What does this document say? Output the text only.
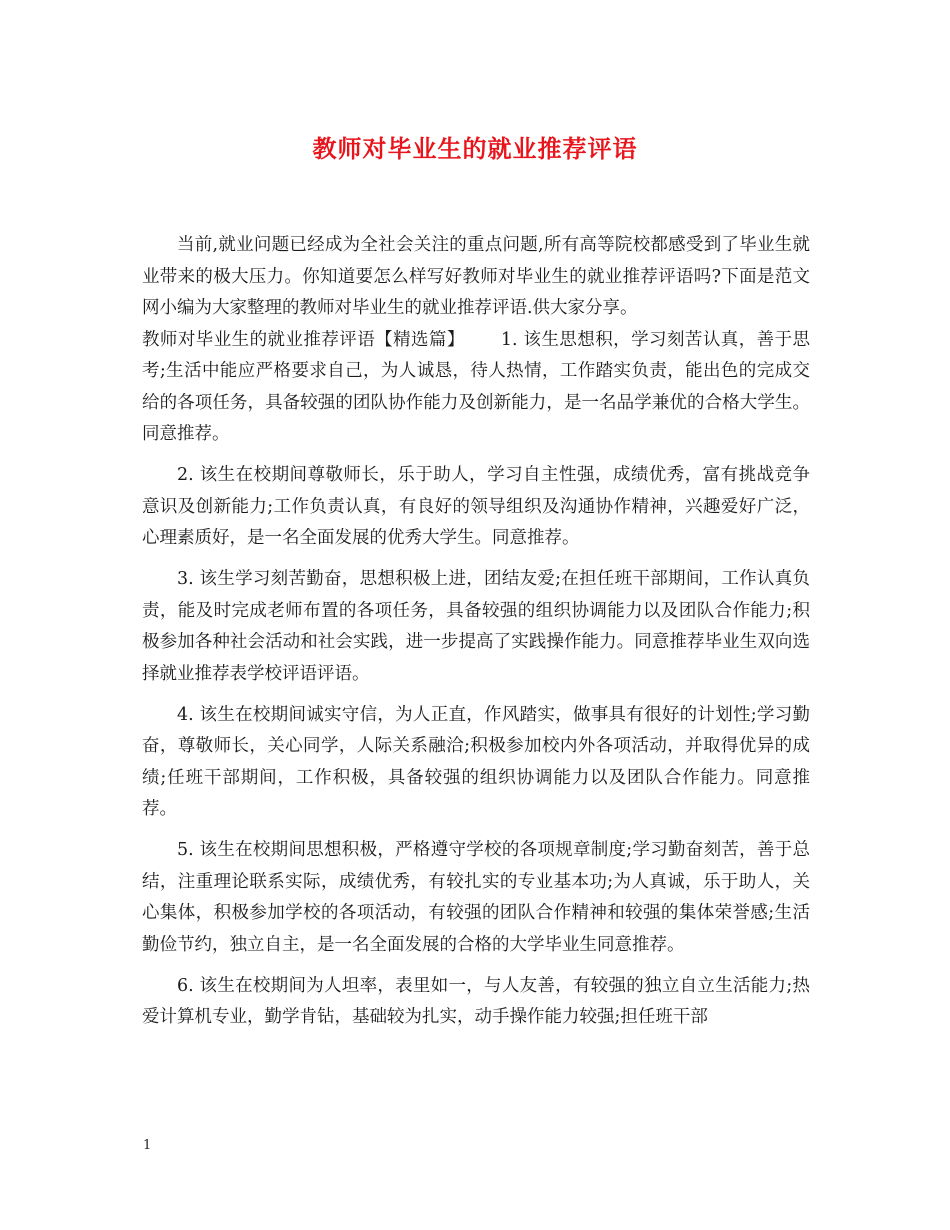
教师对毕业生的就业推荐评语

当前,就业问题已经成为全社会关注的重点问题,所有高等院校都感受到了毕业生就业带来的极大压力。你知道要怎么样写好教师对毕业生的就业推荐评语吗?下面是范文网小编为大家整理的教师对毕业生的就业推荐评语.供大家分享。

教师对毕业生的就业推荐评语【精选篇】 1. 该生思想积，学习刻苦认真，善于思考;生活中能应严格要求自己，为人诚恳，待人热情，工作踏实负责，能出色的完成交给的各项任务，具备较强的团队协作能力及创新能力，是一名品学兼优的合格大学生。同意推荐。

2. 该生在校期间尊敬师长，乐于助人，学习自主性强，成绩优秀，富有挑战竞争意识及创新能力;工作负责认真，有良好的领导组织及沟通协作精神，兴趣爱好广泛，心理素质好，是一名全面发展的优秀大学生。同意推荐。

3. 该生学习刻苦勤奋，思想积极上进，团结友爱;在担任班干部期间，工作认真负责，能及时完成老师布置的各项任务，具备较强的组织协调能力以及团队合作能力;积极参加各种社会活动和社会实践，进一步提高了实践操作能力。同意推荐毕业生双向选择就业推荐表学校评语评语。

4. 该生在校期间诚实守信，为人正直，作风踏实，做事具有很好的计划性;学习勤奋，尊敬师长，关心同学，人际关系融洽;积极参加校内外各项活动，并取得优异的成绩;任班干部期间，工作积极，具备较强的组织协调能力以及团队合作能力。同意推荐。

5. 该生在校期间思想积极，严格遵守学校的各项规章制度;学习勤奋刻苦，善于总结，注重理论联系实际，成绩优秀，有较扎实的专业基本功;为人真诚，乐于助人，关心集体，积极参加学校的各项活动，有较强的团队合作精神和较强的集体荣誉感;生活勤俭节约，独立自主，是一名全面发展的合格的大学毕业生同意推荐。

6. 该生在校期间为人坦率，表里如一，与人友善，有较强的独立自立生活能力;热爱计算机专业，勤学肯钻，基础较为扎实，动手操作能力较强;担任班干部

1
